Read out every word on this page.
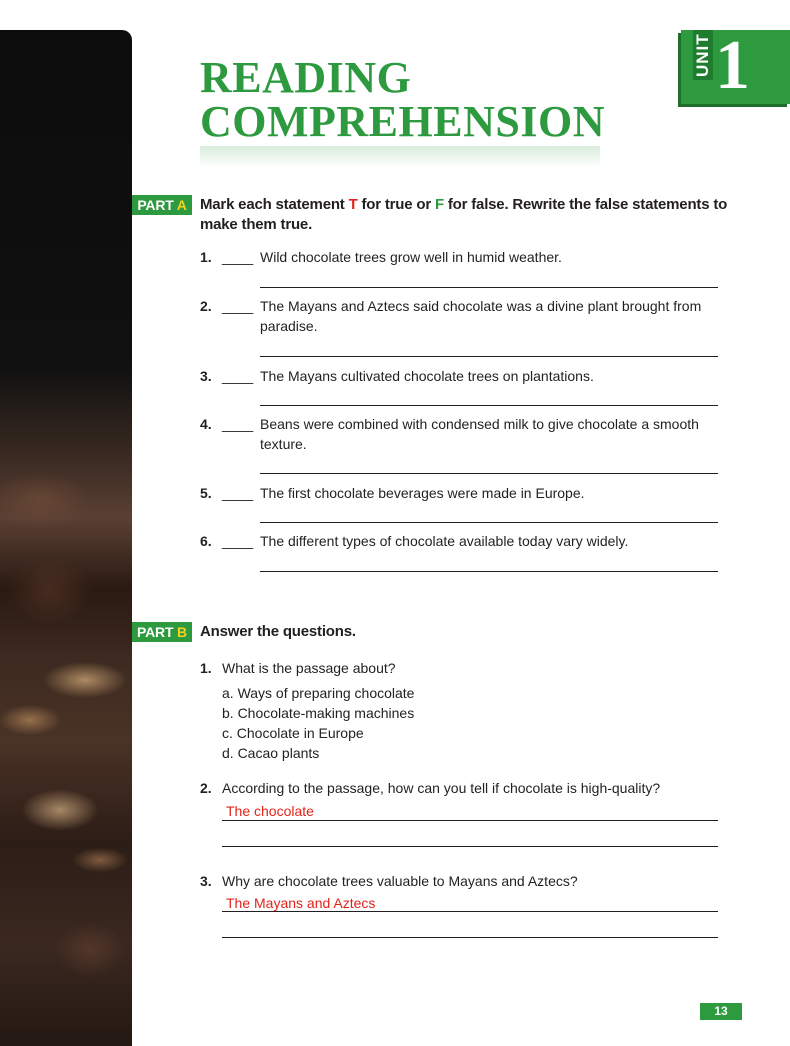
UNIT 1
READING
COMPREHENSION
PART A Mark each statement T for true or F for false. Rewrite the false statements to make them true.

1. ____ Wild chocolate trees grow well in humid weather.
2. ____ The Mayans and Aztecs said chocolate was a divine plant brought from paradise.
3. ____ The Mayans cultivated chocolate trees on plantations.
4. ____ Beans were combined with condensed milk to give chocolate a smooth texture.
5. ____ The first chocolate beverages were made in Europe.
6. ____ The different types of chocolate available today vary widely.
PART B Answer the questions.

1. What is the passage about?
a. Ways of preparing chocolate
b. Chocolate-making machines
c. Chocolate in Europe
d. Cacao plants
2. According to the passage, how can you tell if chocolate is high-quality?
The chocolate
3. Why are chocolate trees valuable to Mayans and Aztecs?
The Mayans and Aztecs
13
